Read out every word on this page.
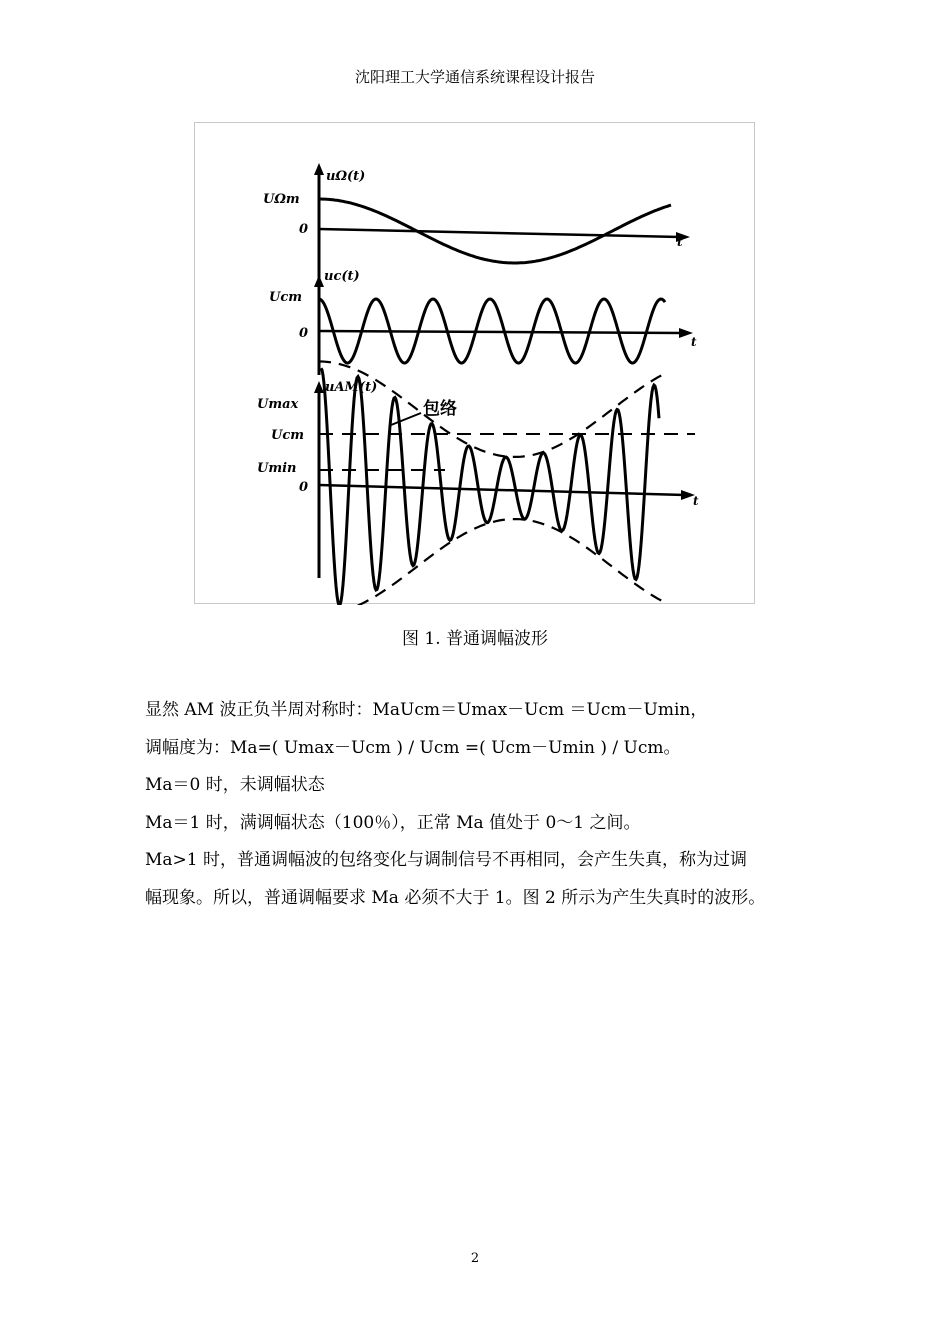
沈阳理工大学通信系统课程设计报告
uΩ(t)
UΩm
0
t
uc(t)
Ucm
0
t
包络
uAM(t)
Umax
Ucm
Umin
0
t
图 1. 普通调幅波形

显然 AM 波正负半周对称时：MaUcm＝Umax－Ucm ＝Ucm－Umin，

调幅度为：Ma=( Umax－Ucm ) / Ucm =( Ucm－Umin ) / Ucm。

Ma＝0 时，未调幅状态

Ma＝1 时，满调幅状态（100％），正常 Ma 值处于 0～1 之间。

Ma>1 时，普通调幅波的包络变化与调制信号不再相同，会产生失真，称为过调

幅现象。所以，普通调幅要求 Ma 必须不大于 1。图 2 所示为产生失真时的波形。

2
